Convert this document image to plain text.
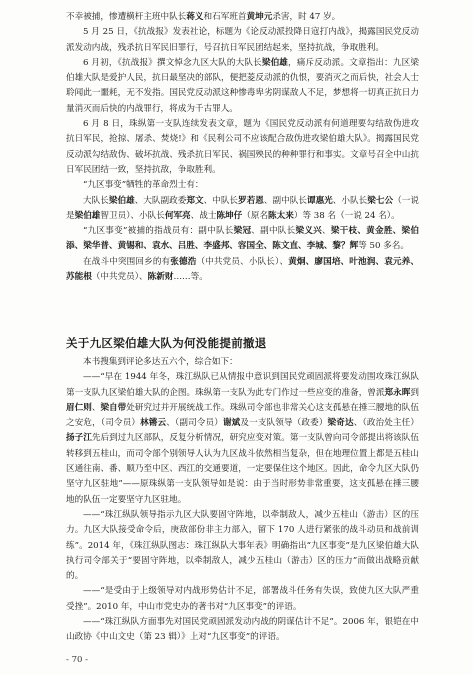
不幸被捕，惨遭横杆主班中队长蒋义和石军班首黄坤元杀害，时 47 岁。

5 月 25 日，《抗战报》发表社论，标题为《论反动派投降日寇打内战》，揭露国民党反动派发动内战，残杀抗日军民旧罪行，号召抗日军民团结起来，坚持抗战，争取胜利。

6 月初，《抗战报》撰文悼念九区大队的大队长梁伯雄，痛斥反动派。文章指出：九区梁伯雄大队是爱护人民，抗日最坚决的部队，便把菱反动派的仇恨，要消灭之而后快，社会人士聆闻此一噩耗，无不发指。国民党反动派这种惨毒卑劣阴谋敌人不足，梦想将一切真正抗日力量消灭而后快的内战罪行，将成为千古罪人。

6 月 8 日，珠纵第一支队连续发表文章，题为《国民党反动派有何道理要勾结敌伪进攻抗日军民，抢掠、屠杀、焚烧!》和《民利公司不应该配合敌伪进攻梁伯雄大队》。揭露国民党反动派勾结敌伪、破坏抗战、残杀抗日军民、祸国殃民的种种罪行和事实。文章号召全中山抗日军民团结一致，坚持抗敌，争取胜利。

“九区事变”牺牲的革命烈士有：

大队长梁伯雄、大队副政委郑文、中队长罗若恩、副中队长谭惠光、小队长梁七公（一说是梁伯雄智卫员）、小队长何军亮、战士陈坤仔（原名陈太来）等 38 名（一说 24 名）。

“九区事变”被捕的指战员有：副中队长梁冠、副中队长梁义兴、梁干枝、黄金胜、梁伯添、梁华普、黄锡和、袁水、吕胜、李盛邦、容国全、陈文直、李城、黎？辉等 50 多名。

在战斗中突围回乡的有张德浩（中共党员、小队长）、黄炯、廖国培、叶池润、袁元养、苏能根（中共党员）、陈新财……等。

关于九区梁伯雄大队为何没能提前撤退

本书搜集到评论多达五六个，综合如下：

——“早在 1944 年冬，珠江纵队已从情报中意识到国民党顽固派将要发动围攻珠江纵队第一支队九区梁伯雄大队的企图。珠纵第一支队为此专门作过一些应变的准备，曾派郑永晖到眉仁则、梁自带处研究过并开展统战工作。珠纵司令部也非常关心这支孤悬在捶三腰地的队伍之安危，（司令员）林锵云、（副司令员）谢斌及一支队领导（政委）梁奇达、（政治处主任）扬子江先后到过九区部队，反复分析情况，研究应变对策。第一支队曾向司令部提出将该队伍转移到五桂山，而司令部个别领导人认为九区战斗依然相当复杂，但在地理位置上都是五桂山区通往南、番、顺乃至中区、西江的交通要道，一定要保住这个地区。因此，命令九区大队仍坚守九区驻地”——原珠纵第一支队领导如是说：由于当时形势非常重要，这支孤悬在捶三腰地的队伍一定要坚守九区驻地。

——“珠江纵队领导指示九区大队要固守阵地，以牵制敌人，减少五桂山（游击）区的压力。九区大队接受命令后，庚敌部份非主力部入，留下 170 人进行紧张的战斗动员和战前训练”。2014 年，《珠江纵队图志：珠江纵队大事年表》明确指出“九区事变”是九区梁伯雄大队执行司令部关于“要固守阵地，以牵制敌人，减少五桂山（游击）区的压力”而做出战略贡献的。

——“是受由于上级领导对内战形势估计不足，部署战斗任务有失误，致使九区大队严重受挫”。2010 年，中山市党史办的著书对“九区事变”的评语。

——“珠江纵队方面事先对国民党顽固派发动内战的阴谋估计不足”。2006 年，银铠在中山政协《中山文史（第 23 辑）》上对“九区事变”的评语。

- 70 -
